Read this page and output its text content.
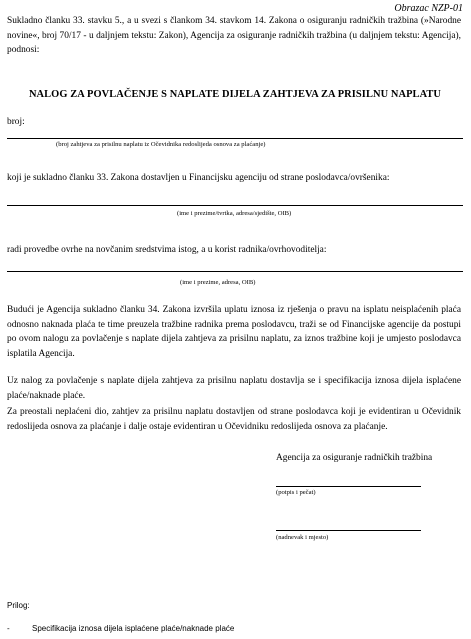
Obrazac NZP-01
Sukladno članku 33. stavku 5., a u svezi s člankom 34. stavkom 14. Zakona o osiguranju radničkih tražbina (»Narodne novine«, broj 70/17 - u daljnjem tekstu: Zakon), Agencija za osiguranje radničkih tražbina (u daljnjem tekstu: Agencija), podnosi:
NALOG ZA POVLAČENJE S NAPLATE DIJELA ZAHTJEVA ZA PRISILNU NAPLATU
broj:
(broj zahtjeva za prisilnu naplatu iz Očevidnika redoslijeda osnova za plaćanje)
koji je sukladno članku 33. Zakona dostavljen u Financijsku agenciju od strane poslodavca/ovršenika:
(ime i prezime/tvrtka, adresa/sjedište, OIB)
radi provedbe ovrhe na novčanim sredstvima istog, a u korist radnika/ovrhovoditelja:
(ime i prezime, adresa, OIB)
Budući je Agencija sukladno članku 34. Zakona izvršila uplatu iznosa iz rješenja o pravu na isplatu neisplaćenih plaća odnosno naknada plaća te time preuzela tražbine radnika prema poslodavcu, traži se od Financijske agencije da postupi po ovom nalogu za povlačenje s naplate dijela zahtjeva za prisilnu naplatu, za iznos tražbine koji je umjesto poslodavca isplatila Agencija.
Uz nalog za povlačenje s naplate dijela zahtjeva za prisilnu naplatu dostavlja se i specifikacija iznosa dijela isplaćene plaće/naknade plaće.
Za preostali neplaćeni dio, zahtjev za prisilnu naplatu dostavljen od strane poslodavca koji je evidentiran u Očevidnik redoslijeda osnova za plaćanje i dalje ostaje evidentiran u Očevidniku redoslijeda osnova za plaćanje.
Agencija za osiguranje radničkih tražbina
(potpis i pečat)
(nadnevak i mjesto)
Prilog:
-	Specifikacija iznosa dijela isplaćene plaće/naknade plaće
